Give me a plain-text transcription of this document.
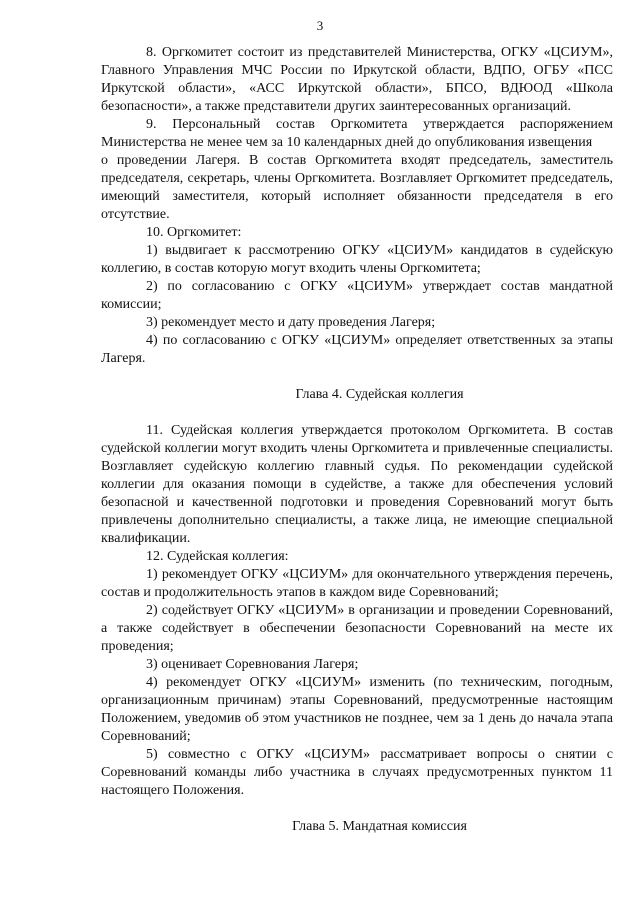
3

8. Оргкомитет состоит из представителей Министерства, ОГКУ «ЦСИУМ», Главного Управления МЧС России по Иркутской области, ВДПО, ОГБУ «ПСС Иркутской области», «АСС Иркутской области», БПСО, ВДЮОД «Школа безопасности», а также представители других заинтересованных организаций.

9. Персональный состав Оргкомитета утверждается распоряжением Министерства не менее чем за 10 календарных дней до опубликования извещения

о проведении Лагеря. В состав Оргкомитета входят председатель, заместитель председателя, секретарь, члены Оргкомитета. Возглавляет Оргкомитет председатель, имеющий заместителя, который исполняет обязанности председателя в его отсутствие.

10. Оргкомитет:

1) выдвигает к рассмотрению ОГКУ «ЦСИУМ» кандидатов в судейскую коллегию, в состав которую могут входить члены Оргкомитета;

2) по согласованию с ОГКУ «ЦСИУМ» утверждает состав мандатной комиссии;

3) рекомендует место и дату проведения Лагеря;

4) по согласованию с ОГКУ «ЦСИУМ» определяет ответственных за этапы Лагеря.

Глава 4. Судейская коллегия

11. Судейская коллегия утверждается протоколом Оргкомитета. В состав судейской коллегии могут входить члены Оргкомитета и привлеченные специалисты. Возглавляет судейскую коллегию главный судья. По рекомендации судейской коллегии для оказания помощи в судействе, а также для обеспечения условий безопасной и качественной подготовки и проведения Соревнований могут быть привлечены дополнительно специалисты, а также лица, не имеющие специальной квалификации.

12. Судейская коллегия:

1) рекомендует ОГКУ «ЦСИУМ» для окончательного утверждения перечень, состав и продолжительность этапов в каждом виде Соревнований;

2) содействует ОГКУ «ЦСИУМ» в организации и проведении Соревнований, а также содействует в обеспечении безопасности Соревнований на месте их проведения;

3) оценивает Соревнования Лагеря;

4) рекомендует ОГКУ «ЦСИУМ» изменить (по техническим, погодным, организационным причинам) этапы Соревнований, предусмотренные настоящим Положением, уведомив об этом участников не позднее, чем за 1 день до начала этапа Соревнований;

5) совместно с ОГКУ «ЦСИУМ» рассматривает вопросы о снятии с Соревнований команды либо участника в случаях предусмотренных пунктом 11 настоящего Положения.

Глава 5. Мандатная комиссия
